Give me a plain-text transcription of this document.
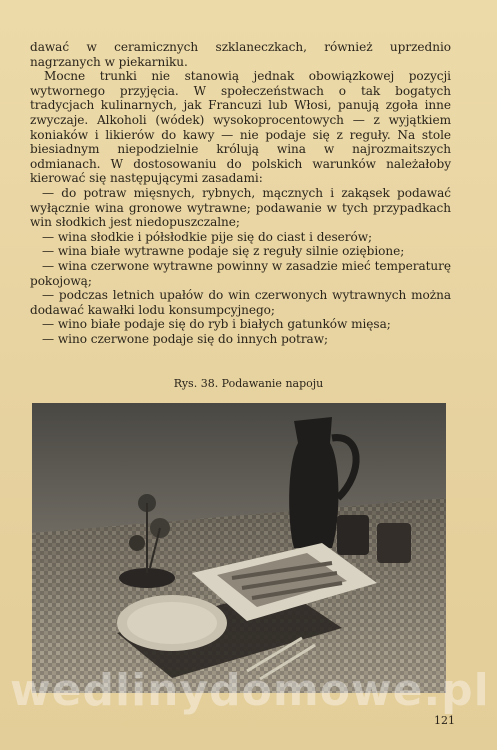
dawać w ceramicznych szklaneczkach, również uprzednio nagrzanych w piekarniku.

Mocne trunki nie stanowią jednak obowiązkowej pozycji wytwornego przyjęcia. W społeczeństwach o tak bogatych tradycjach kulinarnych, jak Francuzi lub Włosi, panują zgoła inne zwyczaje. Alkoholi (wódek) wysokoprocentowych — z wyjątkiem koniaków i likierów do kawy — nie podaje się z reguły. Na stole biesiadnym niepodzielnie królują wina w najrozmaitszych odmianach. W dostosowaniu do polskich warunków należałoby kierować się następującymi zasadami:

— do potraw mięsnych, rybnych, mącznych i zakąsek podawać wyłącznie wina gronowe wytrawne; podawanie w tych przypadkach win słodkich jest niedopuszczalne;

— wina słodkie i półsłodkie pije się do ciast i deserów;

— wina białe wytrawne podaje się z reguły silnie oziębione;

— wina czerwone wytrawne powinny w zasadzie mieć temperaturę pokojową;

— podczas letnich upałów do win czerwonych wytrawnych można dodawać kawałki lodu konsumpcyjnego;

— wino białe podaje się do ryb i białych gatunków mięsa;

— wino czerwone podaje się do innych potraw;

Rys. 38. Podawanie napoju
wedlinydomowe.pl
121
